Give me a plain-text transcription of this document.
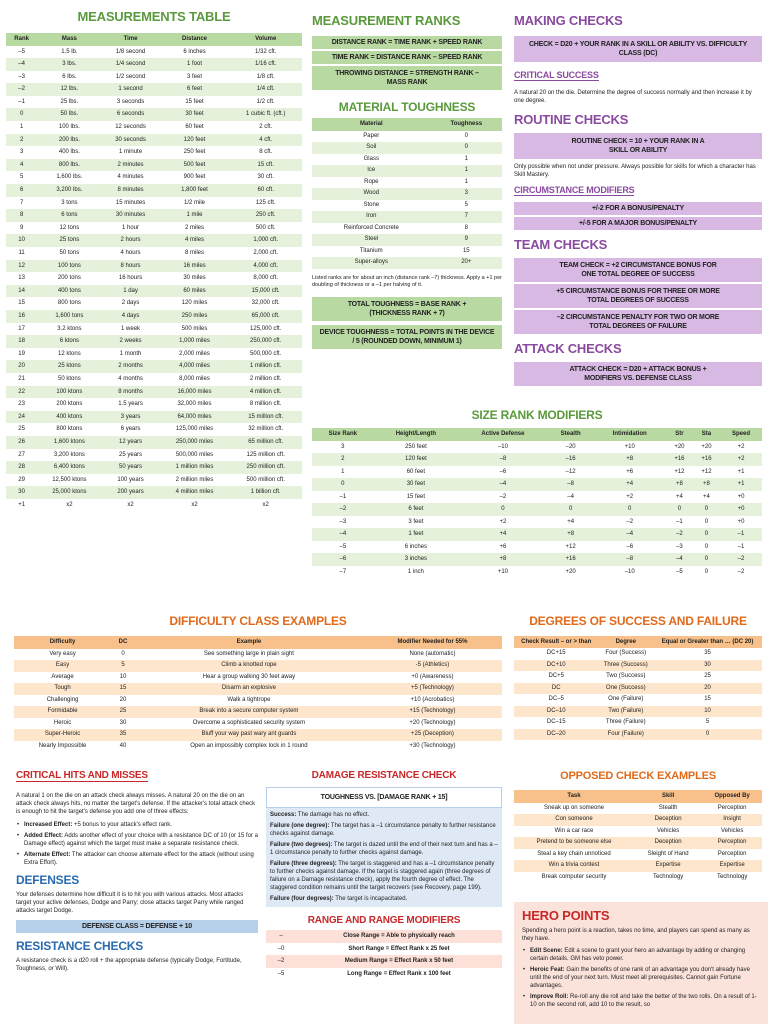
MEASUREMENTS TABLE
Rank	Mass	Time	Distance	Volume
–5	1.5 lb.	1/8 second	6 inches	1/32 cft.
–4	3 lbs.	1/4 second	1 foot	1/16 cft.
–3	6 lbs.	1/2 second	3 feet	1/8 cft.
–2	12 lbs.	1 second	6 feet	1/4 cft.
–1	25 lbs.	3 seconds	15 feet	1/2 cft.
0	50 lbs.	6 seconds	30 feet	1 cubic ft. (cft.)
1	100 lbs.	12 seconds	60 feet	2 cft.
2	200 lbs.	30 seconds	120 feet	4 cft.
3	400 lbs.	1 minute	250 feet	8 cft.
4	800 lbs.	2 minutes	500 feet	15 cft.
5	1,600 lbs.	4 minutes	900 feet	30 cft.
6	3,200 lbs.	8 minutes	1,800 feet	60 cft.
7	3 tons	15 minutes	1/2 mile	125 cft.
8	6 tons	30 minutes	1 mile	250 cft.
9	12 tons	1 hour	2 miles	500 cft.
10	25 tons	2 hours	4 miles	1,000 cft.
11	50 tons	4 hours	8 miles	2,000 cft.
12	100 tons	8 hours	16 miles	4,000 cft.
13	200 tons	16 hours	30 miles	8,000 cft.
14	400 tons	1 day	60 miles	15,000 cft.
15	800 tons	2 days	120 miles	32,000 cft.
16	1,600 tons	4 days	250 miles	65,000 cft.
17	3.2 ktons	1 week	500 miles	125,000 cft.
18	6 ktons	2 weeks	1,000 miles	250,000 cft.
19	12 ktons	1 month	2,000 miles	500,000 cft.
20	25 ktons	2 months	4,000 miles	1 million cft.
21	50 ktons	4 months	8,000 miles	2 million cft.
22	100 ktons	8 months	16,000 miles	4 million cft.
23	200 ktons	1.5 years	32,000 miles	8 million cft.
24	400 ktons	3 years	64,000 miles	15 million cft.
25	800 ktons	6 years	125,000 miles	32 million cft.
26	1,600 ktons	12 years	250,000 miles	65 million cft.
27	3,200 ktons	25 years	500,000 miles	125 million cft.
28	6,400 ktons	50 years	1 million miles	250 million cft.
29	12,500 ktons	100 years	2 million miles	500 million cft.
30	25,000 ktons	200 years	4 million miles	1 billion cft.
+1	x2	x2	x2	x2
MEASUREMENT RANKS
DISTANCE RANK = TIME RANK + SPEED RANK
TIME RANK = DISTANCE RANK – SPEED RANK
THROWING DISTANCE = STRENGTH RANK – MASS RANK
MATERIAL TOUGHNESS
Material	Toughness
Paper	0
Soil	0
Glass	1
Ice	1
Rope	1
Wood	3
Stone	5
Iron	7
Reinforced Concrete	8
Steel	9
Titanium	15
Super-alloys	20+

Listed ranks are for about an inch (distance rank –7) thickness. Apply a +1 per doubling of thickness or a –1 per halving of it.

TOTAL TOUGHNESS = BASE RANK + (THICKNESS RANK + 7)
DEVICE TOUGHNESS = TOTAL POINTS IN THE DEVICE / 5 (ROUNDED DOWN, MINIMUM 1)
MAKING CHECKS
CHECK = D20 + YOUR RANK IN A SKILL OR ABILITY VS. DIFFICULTY CLASS (DC)
CRITICAL SUCCESS

A natural 20 on the die. Determine the degree of success normally and then increase it by one degree.

ROUTINE CHECKS
ROUTINE CHECK = 10 + YOUR RANK IN A SKILL OR ABILITY

Only possible when not under pressure. Always possible for skills for which a character has Skill Mastery.

CIRCUMSTANCE MODIFIERS
+/-2 FOR A BONUS/PENALTY
+/-5 FOR A MAJOR BONUS/PENALTY
TEAM CHECKS
TEAM CHECK = +2 CIRCUMSTANCE BONUS FOR ONE TOTAL DEGREE OF SUCCESS
+5 CIRCUMSTANCE BONUS FOR THREE OR MORE TOTAL DEGREES OF SUCCESS
–2 CIRCUMSTANCE PENALTY FOR TWO OR MORE TOTAL DEGREES OF FAILURE
ATTACK CHECKS
ATTACK CHECK = D20 + ATTACK BONUS + MODIFIERS VS. DEFENSE CLASS
SIZE RANK MODIFIERS
Size Rank	Height/Length	Active Defense	Stealth	Intimidation	Str	Sta	Speed
3	250 feet	–10	–20	+10	+20	+20	+2
2	120 feet	–8	–16	+8	+16	+16	+2
1	60 feet	–6	–12	+6	+12	+12	+1
0	30 feet	–4	–8	+4	+8	+8	+1
–1	15 feet	–2	–4	+2	+4	+4	+0
–2	6 feet	0	0	0	0	0	+0
–3	3 feet	+2	+4	–2	–1	0	+0
–4	1 feet	+4	+8	–4	–2	0	–1
–5	6 inches	+6	+12	–6	–3	0	–1
–6	3 inches	+8	+16	–8	–4	0	–2
–7	1 inch	+10	+20	–10	–5	0	–2
DIFFICULTY CLASS EXAMPLES
Difficulty	DC	Example	Modifier Needed for 55%
Very easy	0	See something large in plain sight	None (automatic)
Easy	5	Climb a knotted rope	-5 (Athletics)
Average	10	Hear a group walking 30 feet away	+0 (Awareness)
Tough	15	Disarm an explosive	+5 (Technology)
Challenging	20	Walk a tightrope	+10 (Acrobatics)
Formidable	25	Break into a secure computer system	+15 (Technology)
Heroic	30	Overcome a sophisticated security system	+20 (Technology)
Super-Heroic	35	Bluff your way past wary ant guards	+25 (Deception)
Nearly Impossible	40	Open an impossibly complex lock in 1 round	+30 (Technology)
DEGREES OF SUCCESS AND FAILURE
Check Result – or > than	Degree	Equal or Greater than … (DC 20)
DC+15	Four (Success)	35
DC+10	Three (Success)	30
DC+5	Two (Success)	25
DC	One (Success)	20
DC–5	One (Failure)	15
DC–10	Two (Failure)	10
DC–15	Three (Failure)	5
DC–20	Four (Failure)	0
CRITICAL HITS AND MISSES

A natural 1 on the die on an attack check always misses. A natural 20 on the die on an attack check always hits, no matter the target's defense. If the attacker's total attack check is enough to hit the target's defense you add one of three effects:

• Increased Effect: +5 bonus to your attack's effect rank.
• Added Effect: Adds another effect of your choice with a resistance DC of 10 (or 15 for a Damage effect) against which the target must make a separate resistance check.
• Alternate Effect: The attacker can choose alternate effect for the attack (without using Extra Effort).
DEFENSES

Your defenses determine how difficult it is to hit you with various attacks. Most attacks target your active defenses, Dodge and Parry; close attacks target Parry while ranged attacks target Dodge.

DEFENSE CLASS = DEFENSE + 10
RESISTANCE CHECKS

A resistance check is a d20 roll + the appropriate defense (typically Dodge, Fortitude, Toughness, or Will).

DAMAGE RESISTANCE CHECK
TOUGHNESS VS. [DAMAGE RANK + 15]

Success: The damage has no effect.

Failure (one degree): The target has a –1 circumstance penalty to further resistance checks against damage.

Failure (two degrees): The target is dazed until the end of their next turn and has a –1 circumstance penalty to further checks against damage.

Failure (three degrees): The target is staggered and has a –1 circumstance penalty to further checks against damage. If the target is staggered again (three degrees of failure on a Damage resistance check), apply the fourth degree of effect. The staggered condition remains until the target recovers (see Recovery, page 199).

Failure (four degrees): The target is incapacitated.

RANGE AND RANGE MODIFIERS
–	Close Range = Able to physically reach
–0	Short Range = Effect Rank x 25 feet
–2	Medium Range = Effect Rank x 50 feet
–5	Long Range = Effect Rank x 100 feet
OPPOSED CHECK EXAMPLES
Task	Skill	Opposed By
Sneak up on someone	Stealth	Perception
Con someone	Deception	Insight
Win a car race	Vehicles	Vehicles
Pretend to be someone else	Deception	Perception
Steal a key chain unnoticed	Sleight of Hand	Perception
Win a trivia contest	Expertise	Expertise
Break computer security	Technology	Technology
HERO POINTS

Spending a hero point is a reaction, takes no time, and players can spend as many as they have.

• Edit Scene: Edit a scene to grant your hero an advantage by adding or changing certain details. GM has veto power.
• Heroic Feat: Gain the benefits of one rank of an advantage you don't already have until the end of your next turn. Must meet all prerequisites. Cannot gain Fortune advantages.
• Improve Roll: Re-roll any die roll and take the better of the two rolls. On a result of 1-10 on the second roll, add 10 to the result, so
